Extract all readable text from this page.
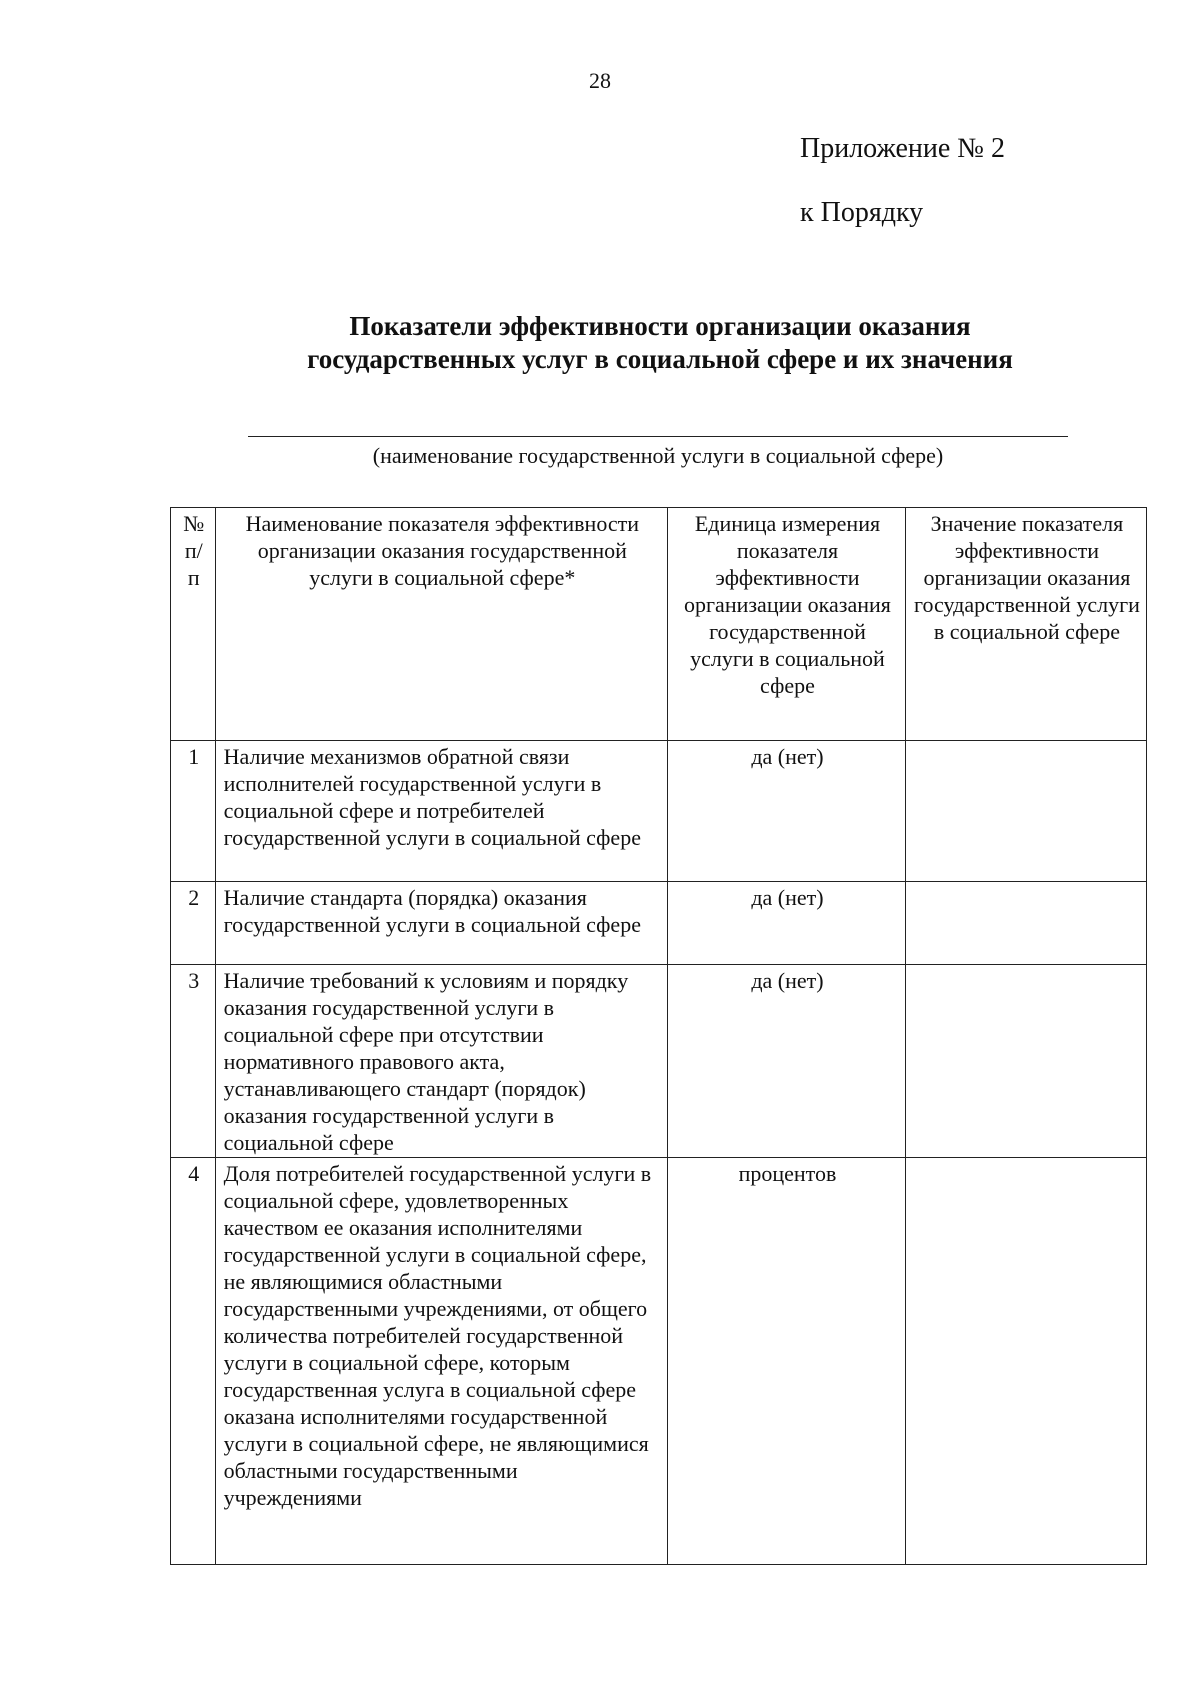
28
Приложение № 2
к Порядку
Показатели эффективности организации оказания
государственных услуг в социальной сфере и их значения
(наименование государственной услуги в социальной сфере)
№ п/п	Наименование показателя эффективности организации оказания государственной услуги в социальной сфере*	Единица измерения показателя эффективности организации оказания государственной услуги в социальной сфере	Значение показателя эффективности организации оказания государственной услуги в социальной сфере
1	Наличие механизмов обратной связи исполнителей государственной услуги в социальной сфере и потребителей государственной услуги в социальной сфере	да (нет)	
2	Наличие стандарта (порядка) оказания государственной услуги в социальной сфере	да (нет)	
3	Наличие требований к условиям и порядку оказания государственной услуги в социальной сфере при отсутствии нормативного правового акта, устанавливающего стандарт (порядок) оказания государственной услуги в социальной сфере	да (нет)	
4	Доля потребителей государственной услуги в социальной сфере, удовлетворенных качеством ее оказания исполнителями государственной услуги в социальной сфере, не являющимися областными государственными учреждениями, от общего количества потребителей государственной услуги в социальной сфере, которым государственная услуга в социальной сфере оказана исполнителями государственной услуги в социальной сфере, не являющимися областными государственными учреждениями	процентов	
